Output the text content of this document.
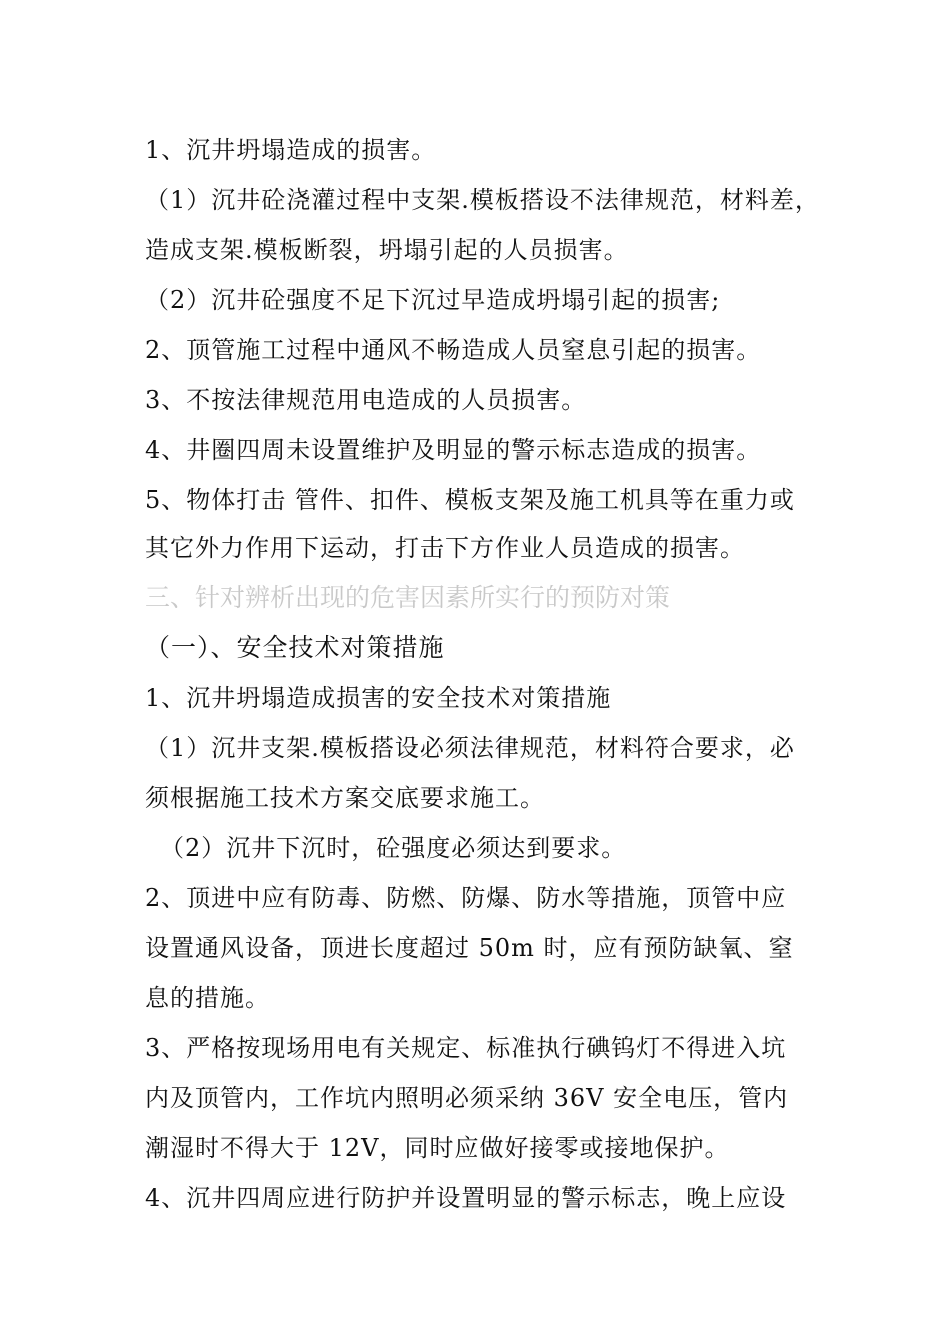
1、沉井坍塌造成的损害。
（1）沉井砼浇灌过程中支架.模板搭设不法律规范，材料差，
造成支架.模板断裂，坍塌引起的人员损害。
（2）沉井砼强度不足下沉过早造成坍塌引起的损害;
2、顶管施工过程中通风不畅造成人员窒息引起的损害。
3、不按法律规范用电造成的人员损害。
4、井圈四周未设置维护及明显的警示标志造成的损害。
5、物体打击 管件、扣件、模板支架及施工机具等在重力或
其它外力作用下运动，打击下方作业人员造成的损害。
三、针对辨析出现的危害因素所实行的预防对策
（一）、安全技术对策措施
1、沉井坍塌造成损害的安全技术对策措施
（1）沉井支架.模板搭设必须法律规范，材料符合要求，必
须根据施工技术方案交底要求施工。
（2）沉井下沉时，砼强度必须达到要求。
2、顶进中应有防毒、防燃、防爆、防水等措施，顶管中应
设置通风设备，顶进长度超过 50m 时，应有预防缺氧、窒
息的措施。
3、严格按现场用电有关规定、标准执行碘钨灯不得进入坑
内及顶管内，工作坑内照明必须采纳 36V 安全电压，管内
潮湿时不得大于 12V，同时应做好接零或接地保护。
4、沉井四周应进行防护并设置明显的警示标志，晚上应设
